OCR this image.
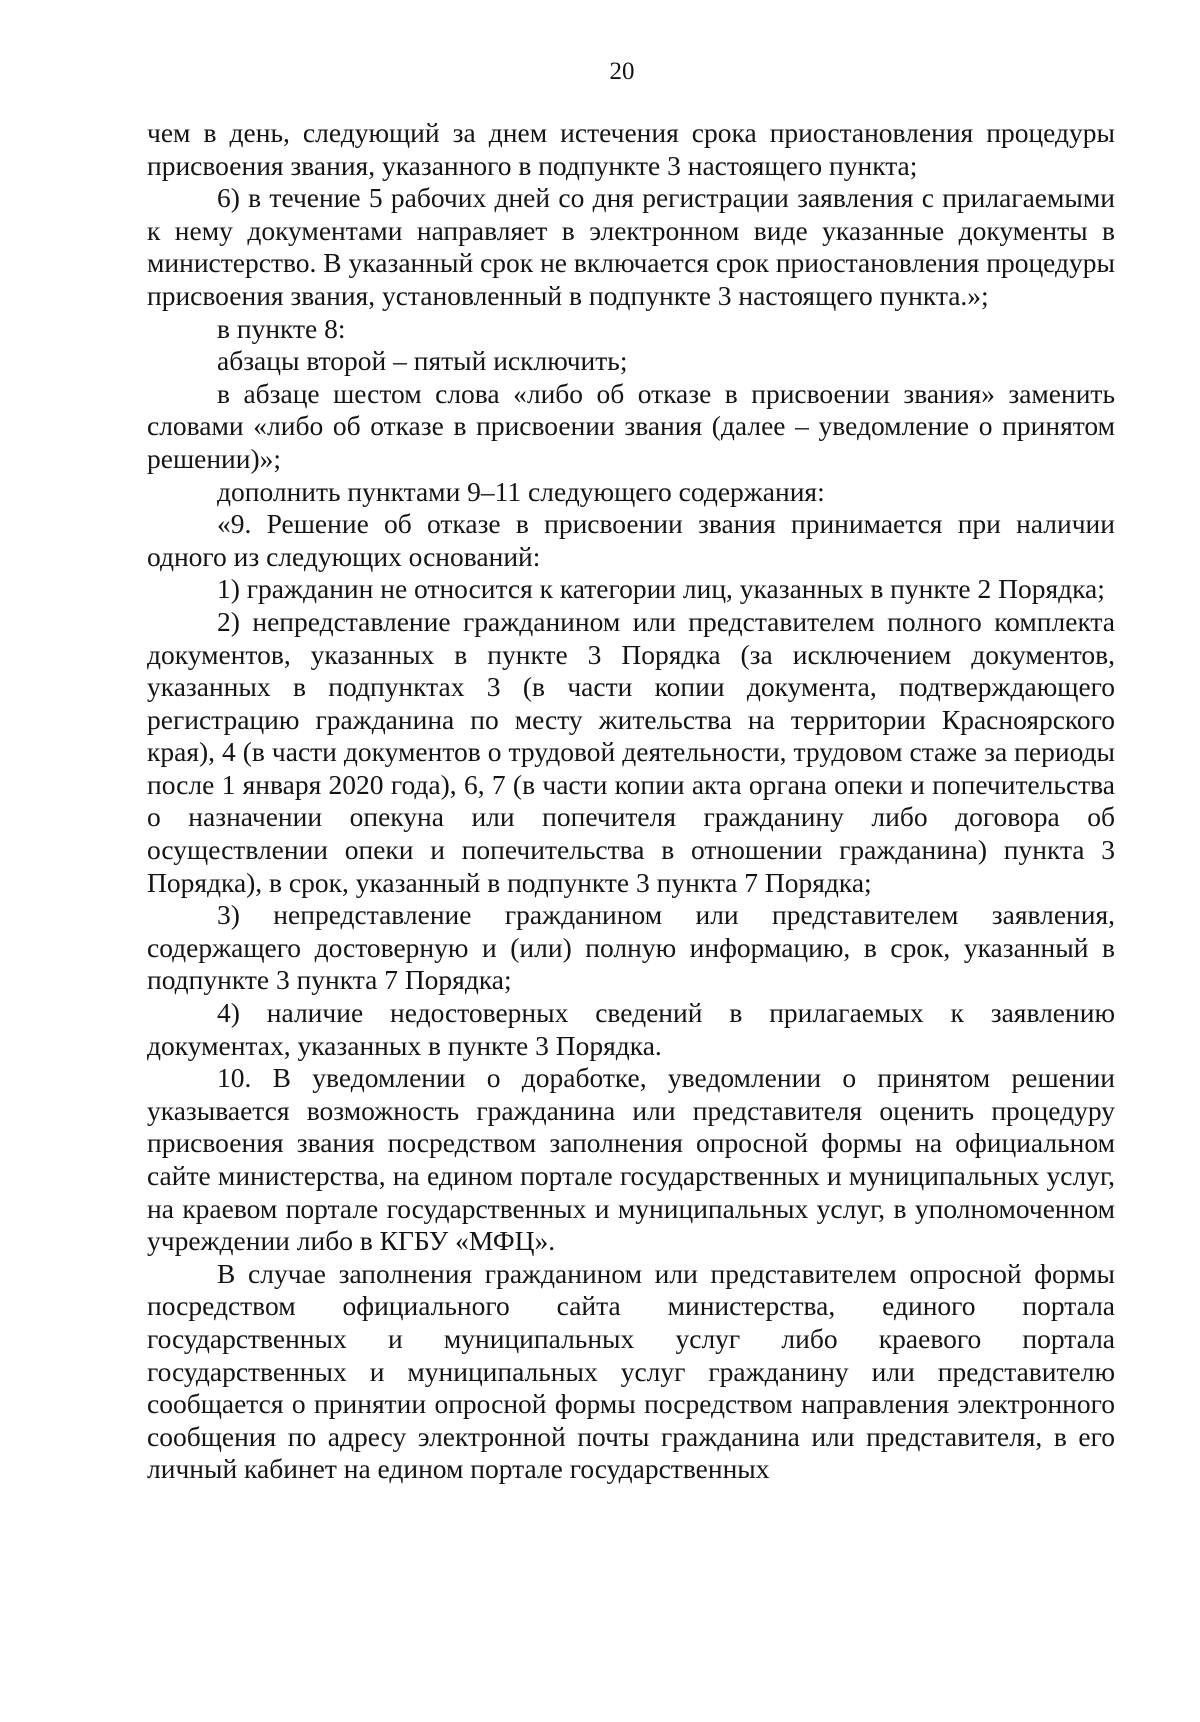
20

чем в день, следующий за днем истечения срока приостановления процедуры присвоения звания, указанного в подпункте 3 настоящего пункта;

6) в течение 5 рабочих дней со дня регистрации заявления с прилагаемыми к нему документами направляет в электронном виде указанные документы в министерство. В указанный срок не включается срок приостановления процедуры присвоения звания, установленный в подпункте 3 настоящего пункта.»;

в пункте 8:

абзацы второй – пятый исключить;

в абзаце шестом слова «либо об отказе в присвоении звания» заменить словами «либо об отказе в присвоении звания (далее – уведомление о принятом решении)»;

дополнить пунктами 9–11 следующего содержания:

«9. Решение об отказе в присвоении звания принимается при наличии одного из следующих оснований:

1) гражданин не относится к категории лиц, указанных в пункте 2 Порядка;

2) непредставление гражданином или представителем полного комплекта документов, указанных в пункте 3 Порядка (за исключением документов, указанных в подпунктах 3 (в части копии документа, подтверждающего регистрацию гражданина по месту жительства на территории Красноярского края), 4 (в части документов о трудовой деятельности, трудовом стаже за периоды после 1 января 2020 года), 6, 7 (в части копии акта органа опеки и попечительства о назначении опекуна или попечителя гражданину либо договора об осуществлении опеки и попечительства в отношении гражданина) пункта 3 Порядка), в срок, указанный в подпункте 3 пункта 7 Порядка;

3) непредставление гражданином или представителем заявления, содержащего достоверную и (или) полную информацию, в срок, указанный в подпункте 3 пункта 7 Порядка;

4) наличие недостоверных сведений в прилагаемых к заявлению документах, указанных в пункте 3 Порядка.

10. В уведомлении о доработке, уведомлении о принятом решении указывается возможность гражданина или представителя оценить процедуру присвоения звания посредством заполнения опросной формы на официальном сайте министерства, на едином портале государственных и муниципальных услуг, на краевом портале государственных и муниципальных услуг, в уполномоченном учреждении либо в КГБУ «МФЦ».

В случае заполнения гражданином или представителем опросной формы посредством официального сайта министерства, единого портала государственных и муниципальных услуг либо краевого портала государственных и муниципальных услуг гражданину или представителю сообщается о принятии опросной формы посредством направления электронного сообщения по адресу электронной почты гражданина или представителя, в его личный кабинет на едином портале государственных
